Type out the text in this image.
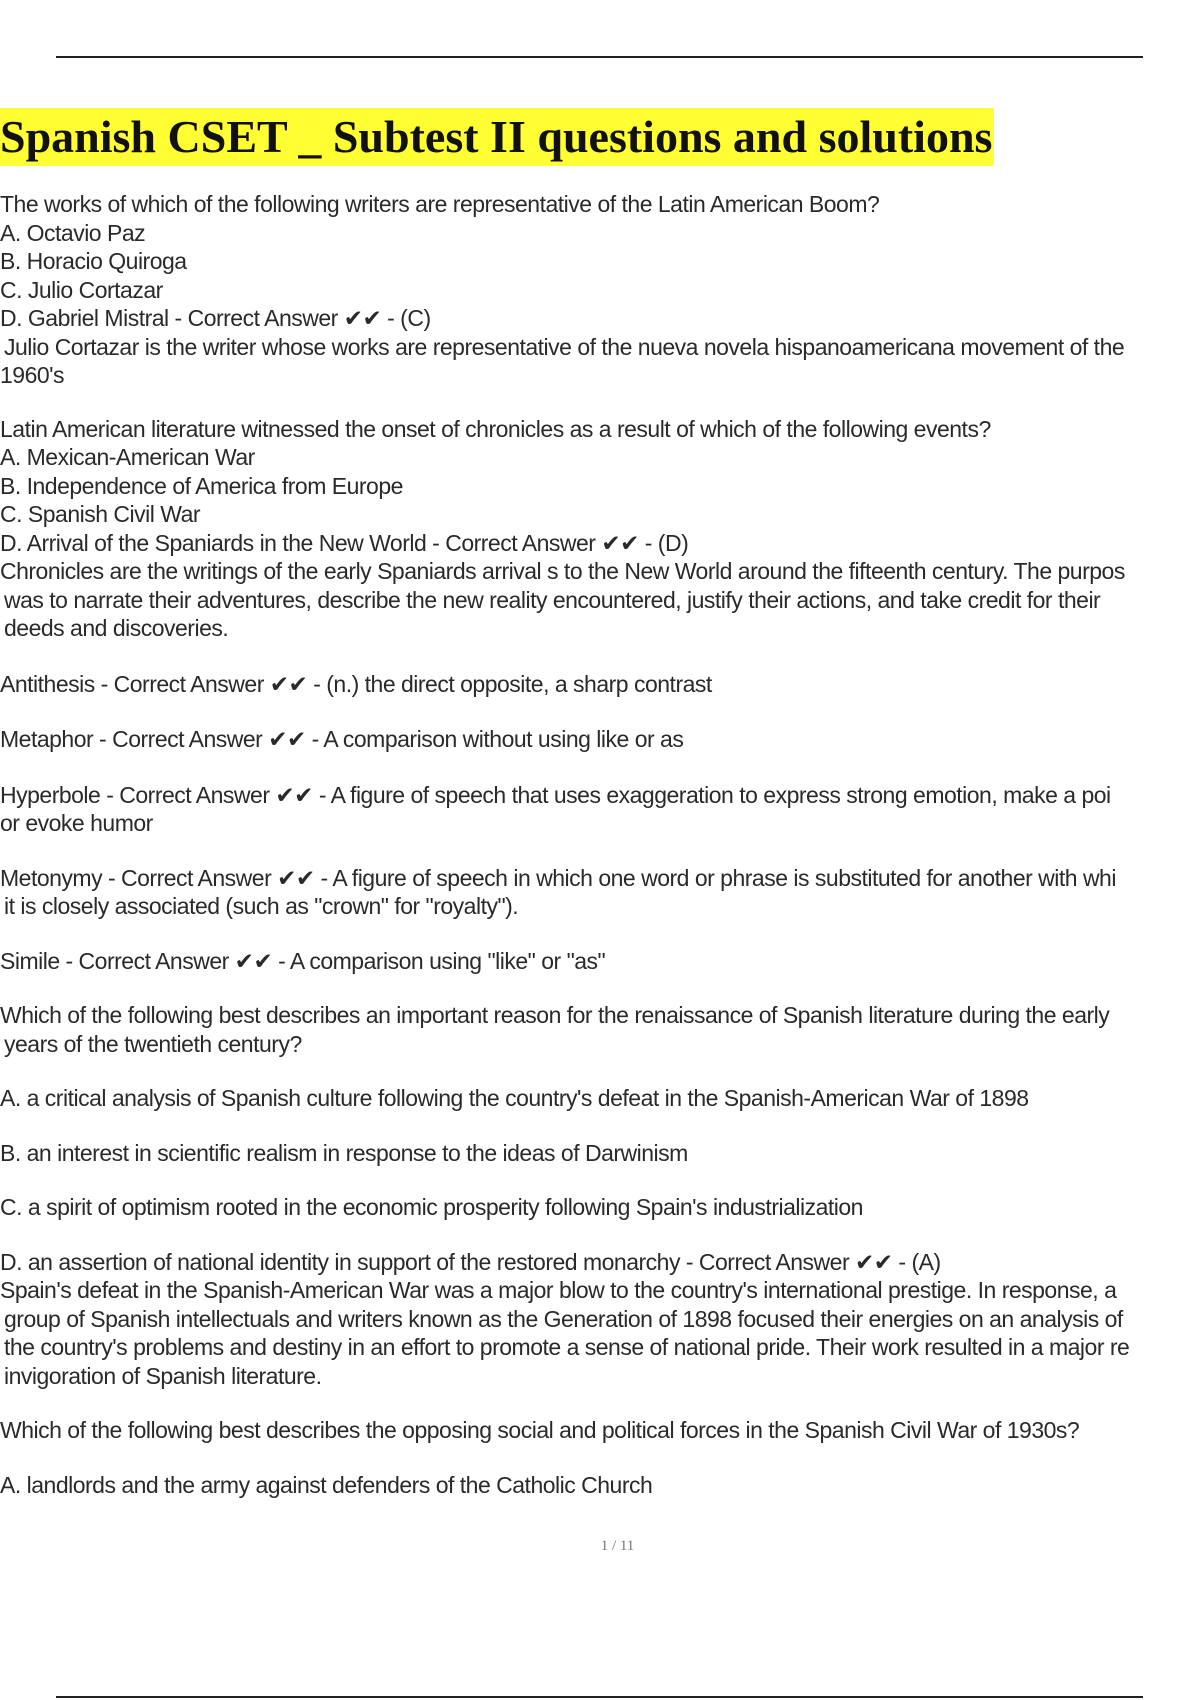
Spanish CSET _ Subtest II questions and solutions

The works of which of the following writers are representative of the Latin American Boom?

A. Octavio Paz

B. Horacio Quiroga

C. Julio Cortazar

D. Gabriel Mistral - Correct Answer ✔✔ - (C)

Julio Cortazar is the writer whose works are representative of the nueva novela hispanoamericana movement of the

1960's

Latin American literature witnessed the onset of chronicles as a result of which of the following events?

A. Mexican-American War

B. Independence of America from Europe

C. Spanish Civil War

D. Arrival of the Spaniards in the New World - Correct Answer ✔✔ - (D)

Chronicles are the writings of the early Spaniards arrival s to the New World around the fifteenth century. The purpos

was to narrate their adventures, describe the new reality encountered, justify their actions, and take credit for their

deeds and discoveries.

Antithesis - Correct Answer ✔✔ - (n.) the direct opposite, a sharp contrast

Metaphor - Correct Answer ✔✔ - A comparison without using like or as

Hyperbole - Correct Answer ✔✔ - A figure of speech that uses exaggeration to express strong emotion, make a poi

or evoke humor

Metonymy - Correct Answer ✔✔ - A figure of speech in which one word or phrase is substituted for another with whi

it is closely associated (such as "crown" for "royalty").

Simile - Correct Answer ✔✔ - A comparison using "like" or "as"

Which of the following best describes an important reason for the renaissance of Spanish literature during the early

years of the twentieth century?

A. a critical analysis of Spanish culture following the country's defeat in the Spanish-American War of 1898

B. an interest in scientific realism in response to the ideas of Darwinism

C. a spirit of optimism rooted in the economic prosperity following Spain's industrialization

D. an assertion of national identity in support of the restored monarchy - Correct Answer ✔✔ - (A)

Spain's defeat in the Spanish-American War was a major blow to the country's international prestige. In response, a

group of Spanish intellectuals and writers known as the Generation of 1898 focused their energies on an analysis of

the country's problems and destiny in an effort to promote a sense of national pride. Their work resulted in a major re

invigoration of Spanish literature.

Which of the following best describes the opposing social and political forces in the Spanish Civil War of 1930s?

A. landlords and the army against defenders of the Catholic Church

1 / 11
